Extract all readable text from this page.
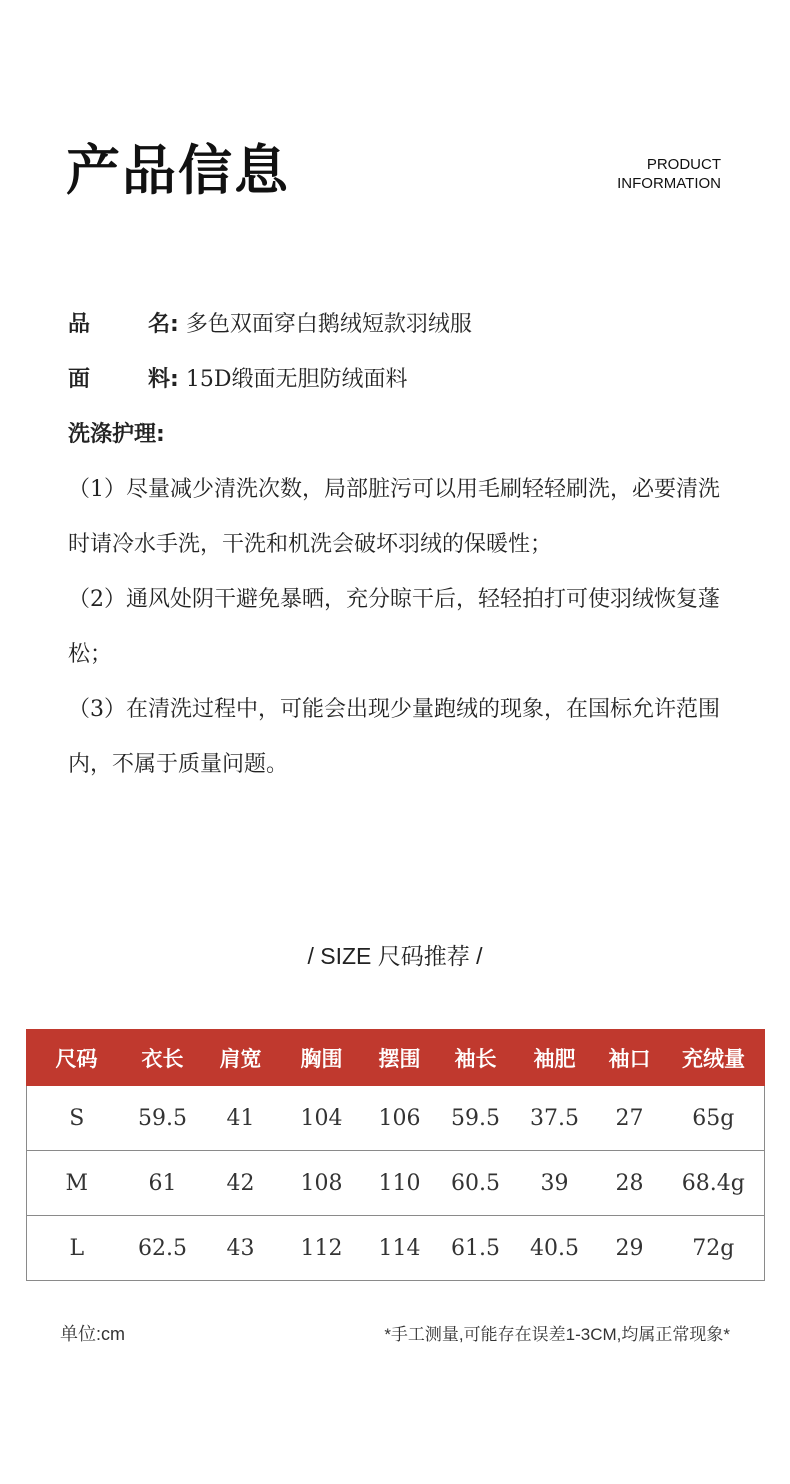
产品信息	PRODUCT
INFORMATION
品	名: 多色双面穿白鹅绒短款羽绒服
面	料: 15D缎面无胆防绒面料
洗涤护理:
（1）尽量减少清洗次数，局部脏污可以用毛刷轻轻刷洗，必要清洗时请冷水手洗，干洗和机洗会破坏羽绒的保暖性；
（2）通风处阴干避免暴晒，充分晾干后，轻轻拍打可使羽绒恢复蓬松；
（3）在清洗过程中，可能会出现少量跑绒的现象，在国标允许范围内，不属于质量问题。
/ SIZE 尺码推荐 /
尺码	衣长	肩宽	胸围	摆围	袖长	袖肥	袖口	充绒量
S	59.5	41	104	106	59.5	37.5	27	65g
M	61	42	108	110	60.5	39	28	68.4g
L	62.5	43	112	114	61.5	40.5	29	72g
单位:cm	*手工测量,可能存在误差1-3CM,均属正常现象*
